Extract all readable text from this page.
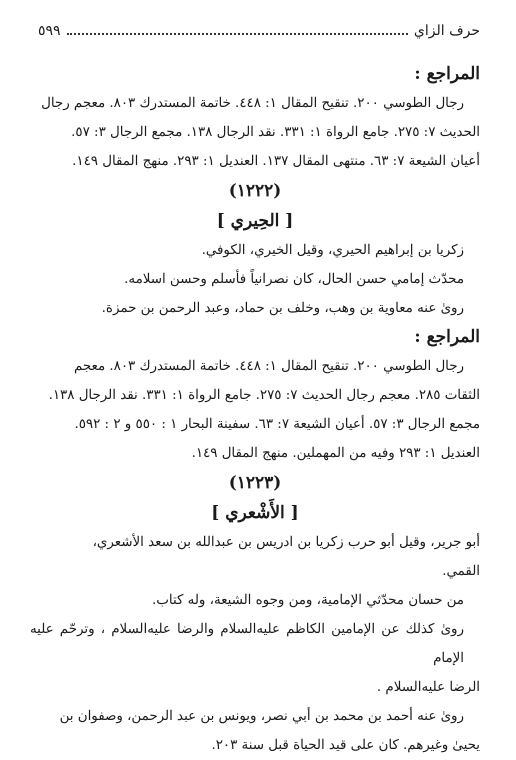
حرف الزاي
٥٩٩

المراجع :

رجال الطوسي ٢٠٠. تنقيح المقال ١: ٤٤٨. خاتمة المستدرك ٨٠٣. معجم رجال

الحديث ٧: ٢٧٥. جامع الرواة ١: ٣٣١. نقد الرجال ١٣٨. مجمع الرجال ٣: ٥٧.

أعيان الشيعة ٧: ٦٣. منتهى المقال ١٣٧. العنديل ١: ٢٩٣. منهج المقال ١٤٩.

(١٢٢٢)

[ الحِيري ]

زكريا بن إبراهيم الحيري، وقيل الخيري، الكوفي.

محدّث إمامي حسن الحال، كان نصرانياً فأسلم وحسن اسلامه.

رویٰ عنه معاوية بن وهب، وخلف بن حماد، وعبد الرحمن بن حمزة.

المراجع :

رجال الطوسي ٢٠٠. تنقيح المقال ١: ٤٤٨. خاتمة المستدرك ٨٠٣. معجم

الثقات ٢٨٥. معجم رجال الحديث ٧: ٢٧٥. جامع الرواة ١: ٣٣١. نقد الرجال ١٣٨.

مجمع الرجال ٣: ٥٧. أعيان الشيعة ٧: ٦٣. سفينة البحار ١ : ٥٥٠ و ٢ : ٥٩٢.

العنديل ١: ٢٩٣ وفيه من المهملين. منهج المقال ١٤٩.

(١٢٢٣)

[ الأَشْعري ]

أبو جرير، وقيل أبو حرب زكريا بن ادريس بن عبدالله بن سعد الأشعري،

القمي.

من حسان محدّثي الإمامية، ومن وجوه الشيعة، وله كتاب.

رویٰ كذلك عن الإمامين الكاظم عليه‌السلام والرضا عليه‌السلام ، وترحّم عليه الإمام

الرضا عليه‌السلام .

رویٰ عنه أحمد بن محمد بن أبي نصر، ويونس بن عبد الرحمن، وصفوان بن

يحيىٰ وغيرهم. كان على قيد الحياة قبل سنة ٢٠٣.
